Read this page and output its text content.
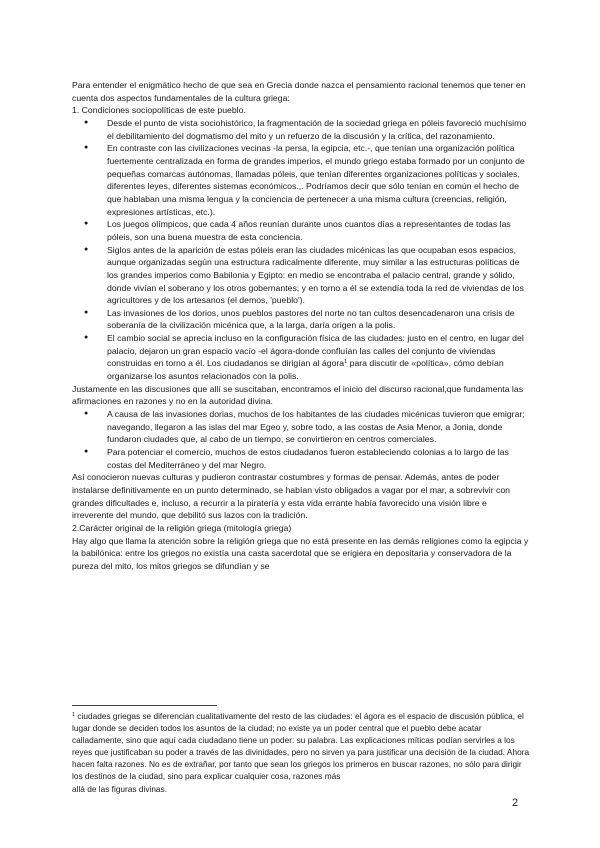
Para entender el enigmático hecho de que sea en Grecia donde nazca el pensamiento racional tenemos que tener en cuenta dos aspectos fundamentales de la cultura griega:

1. Condiciones sociopolíticas de este pueblo.

● Desde el punto de vista sociohistórico, la fragmentación de la sociedad griega en póleis favoreció muchísimo el debilitamiento del dogmatismo del mito y un refuerzo de la discusión y la crítica, del razonamiento.
● En contraste con las civilizaciones vecinas -la persa, la egipcia, etc.-, que tenían una organización política fuertemente centralizada en forma de grandes imperios, el mundo griego estaba formado por un conjunto de pequeñas comarcas autónomas, llamadas póleis, que tenían diferentes organizaciones políticas y sociales, diferentes leyes, diferentes sistemas económicos.,. Podríamos decir que sólo tenían en común el hecho de que hablaban una misma lengua y la conciencia de pertenecer a una misma cultura (creencias, religión, expresiones artísticas, etc.).
● Los juegos olímpicos, que cada 4 años reunían durante unos cuantos días a representantes de todas las póleis, son una buena muestra de esta conciencia.
● Siglos antes de la aparición de estas póleis eran las ciudades micénicas las que ocupaban esos espacios, aunque organizadas según una estructura radicalmente diferente, muy similar a las estructuras políticas de los grandes imperios como Babilonia y Egipto: en medio se encontraba el palacio central, grande y sólido, donde vivían el soberano y los otros gobernantes; y en torno a él se extendía toda la red de viviendas de los agricultores y de los artesanos (el demos, 'pueblo').
● Las invasiones de los dorios, unos pueblos pastores del norte no tan cultos desencadenaron una crisis de soberanía de la civilización micénica que, a la larga, daría origen a la polis.
● El cambio social se aprecia incluso en la configuración física de las ciudades: justo en el centro, en lugar del palacio, dejaron un gran espacio vacío -el ágora-donde confluían las calles del conjunto de viviendas construidas en torno a él. Los ciudadanos se dirigían al ágora$^1$ para discutir de «política», cómo debían organizarse los asuntos relacionados con la polis.

Justamente en las discusiones que allí se suscitaban, encontramos el inicio del discurso racional,que fundamenta las afirmaciones en razones y no en la autoridad divina.

● A causa de las invasiones dorias, muchos de los habitantes de las ciudades micénicas tuvieron que emigrar; navegando, llegaron a las islas del mar Egeo y, sobre todo, a las costas de Asia Menor, a Jonia, donde fundaron ciudades que, al cabo de un tiempo, se convirtieron en centros comerciales.
● Para potenciar el comercio, muchos de estos ciudadanos fueron estableciendo colonias a lo largo de las costas del Mediterráneo y del mar Negro.

Así conocieron nuevas culturas y pudieron contrastar costumbres y formas de pensar. Además, antes de poder instalarse definitivamente en un punto determinado, se habían visto obligados a vagar por el mar, a sobrevivir con grandes dificultades e, incluso, a recurrir a la piratería y esta vida errante había favorecido una visión libre e irreverente del mundo, que debilitó sus lazos con la tradición.

2.Carácter original de la religión griega (mitología griega)

Hay algo que llama la atención sobre la religión griega que no está presente en las demás religiones como la egipcia y la babilónica: entre los griegos no existía una casta sacerdotal que se erigiera en depositaria y conservadora de la pureza del mito, los mitos griegos se difundían y se

$^1$ ciudades griegas se diferencian cualitativamente del resto de las ciudades: el ágora es el espacio de discusión pública, el lugar donde se deciden todos los asuntos de la ciudad; no existe ya un poder central que el pueblo debe acatar calladamente, sino que aquí cada ciudadano tiene un poder: su palabra. Las explicaciones míticas podían servirles a los reyes que justificaban su poder a través de las divinidades, pero no sirven ya para justificar una decisión de la ciudad. Ahora hacen falta razones. No es de extrañar, por tanto que sean los griegos los primeros en buscar razones, no sólo para dirigir los destinos de la ciudad, sino para explicar cualquier cosa, razones más
allá de las figuras divinas.
2
